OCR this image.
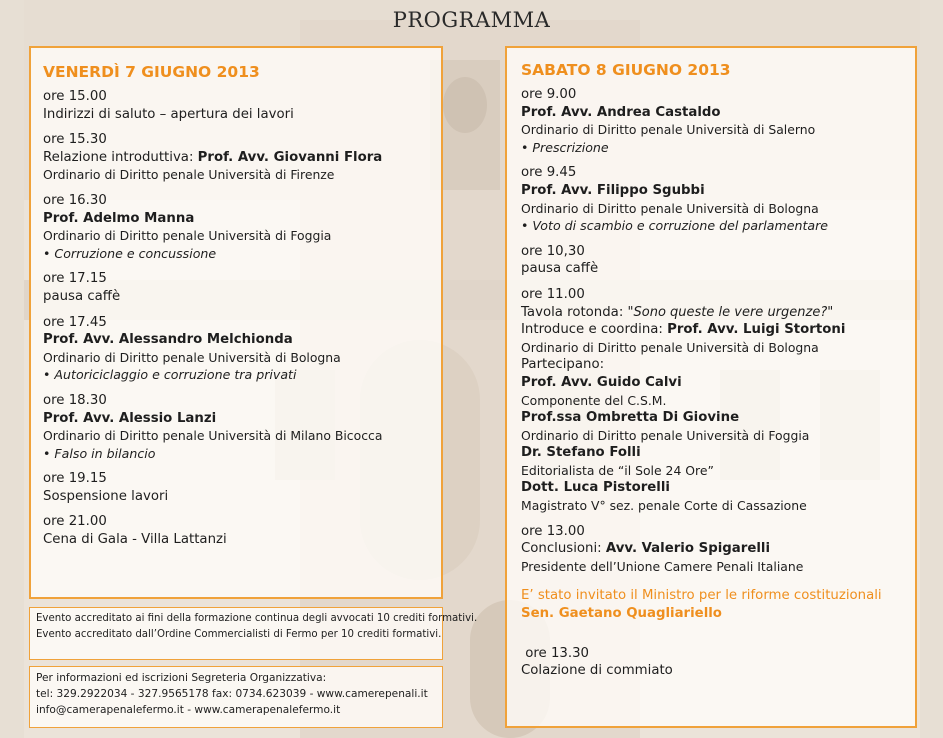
PROGRAMMA
VENERDÌ 7 GIUGNO 2013
ore 15.00
Indirizzi di saluto – apertura dei lavori
ore 15.30
Relazione introduttiva: Prof. Avv. Giovanni Flora
Ordinario di Diritto penale Università di Firenze
ore 16.30
Prof. Adelmo Manna
Ordinario di Diritto penale Università di Foggia
• Corruzione e concussione
ore 17.15
pausa caffè
ore 17.45
Prof. Avv. Alessandro Melchionda
Ordinario di Diritto penale Università di Bologna
• Autoriciclaggio e corruzione tra privati
ore 18.30
Prof. Avv. Alessio Lanzi
Ordinario di Diritto penale Università di Milano Bicocca
• Falso in bilancio
ore 19.15
Sospensione lavori
ore 21.00
Cena di Gala - Villa Lattanzi
SABATO 8 GIUGNO 2013
ore 9.00
Prof. Avv. Andrea Castaldo
Ordinario di Diritto penale Università di Salerno
• Prescrizione
ore 9.45
Prof. Avv. Filippo Sgubbi
Ordinario di Diritto penale Università di Bologna
• Voto di scambio e corruzione del parlamentare
ore 10,30
pausa caffè
ore 11.00
Tavola rotonda: "Sono queste le vere urgenze?"
Introduce e coordina: Prof. Avv. Luigi Stortoni
Ordinario di Diritto penale Università di Bologna
Partecipano:
Prof. Avv. Guido Calvi
Componente del C.S.M.
Prof.ssa Ombretta Di Giovine
Ordinario di Diritto penale Università di Foggia
Dr. Stefano Folli
Editorialista de “il Sole 24 Ore”
Dott. Luca Pistorelli
Magistrato V° sez. penale Corte di Cassazione
ore 13.00
Conclusioni: Avv. Valerio Spigarelli
Presidente dell’Unione Camere Penali Italiane
E’ stato invitato il Ministro per le riforme costituzionali
Sen. Gaetano Quagliariello
ore 13.30
Colazione di commiato
Evento accreditato ai fini della formazione continua degli avvocati 10 crediti formativi.
Evento accreditato dall’Ordine Commercialisti di Fermo per 10 crediti formativi.
Per informazioni ed iscrizioni Segreteria Organizzativa:
tel: 329.2922034 - 327.9565178 fax: 0734.623039 - www.camerepenali.it
info@camerapenalefermo.it - www.camerapenalefermo.it
